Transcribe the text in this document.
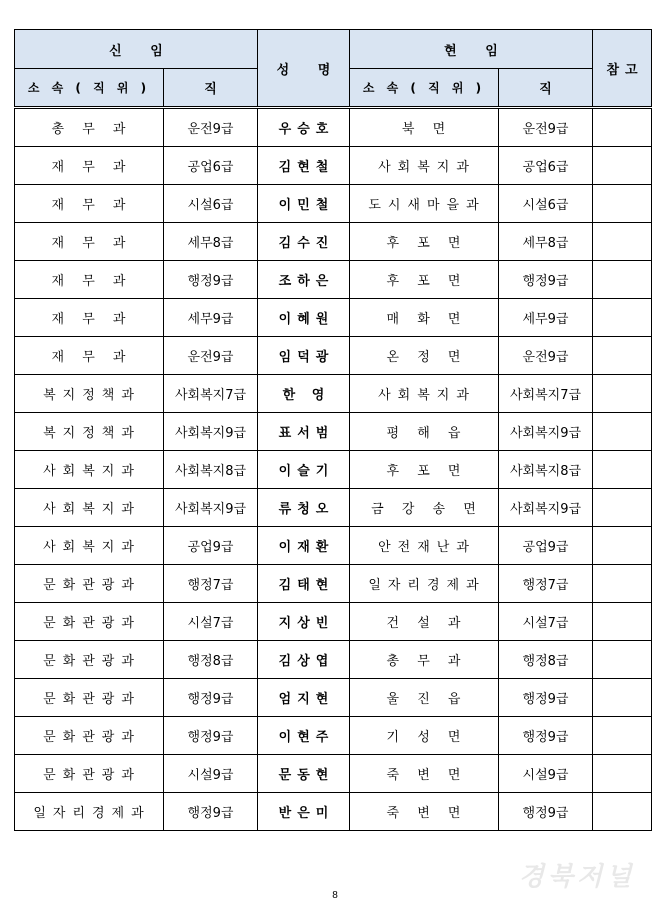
신 임		성 명	현 임		참고
소 속 ( 직 위 )	직		소 속 ( 직 위 )	직	
총 무 과	운전9급	우승호	북 면	운전9급	
재 무 과	공업6급	김현철	사회복지과	공업6급	
재 무 과	시설6급	이민철	도시새마을과	시설6급	
재 무 과	세무8급	김수진	후 포 면	세무8급	
재 무 과	행정9급	조하은	후 포 면	행정9급	
재 무 과	세무9급	이혜원	매 화 면	세무9급	
재 무 과	운전9급	임덕광	온 정 면	운전9급	
복지정책과	사회복지7급	한 영	사회복지과	사회복지7급	
복지정책과	사회복지9급	표서범	평 해 읍	사회복지9급	
사회복지과	사회복지8급	이슬기	후 포 면	사회복지8급	
사회복지과	사회복지9급	류청오	금 강 송 면	사회복지9급	
사회복지과	공업9급	이재환	안전재난과	공업9급	
문화관광과	행정7급	김태현	일자리경제과	행정7급	
문화관광과	시설7급	지상빈	건 설 과	시설7급	
문화관광과	행정8급	김상엽	총 무 과	행정8급	
문화관광과	행정9급	엄지현	울 진 읍	행정9급	
문화관광과	행정9급	이현주	기 성 면	행정9급	
문화관광과	시설9급	문동현	죽 변 면	시설9급	
일자리경제과	행정9급	반은미	죽 변 면	행정9급	
8
경북저널
